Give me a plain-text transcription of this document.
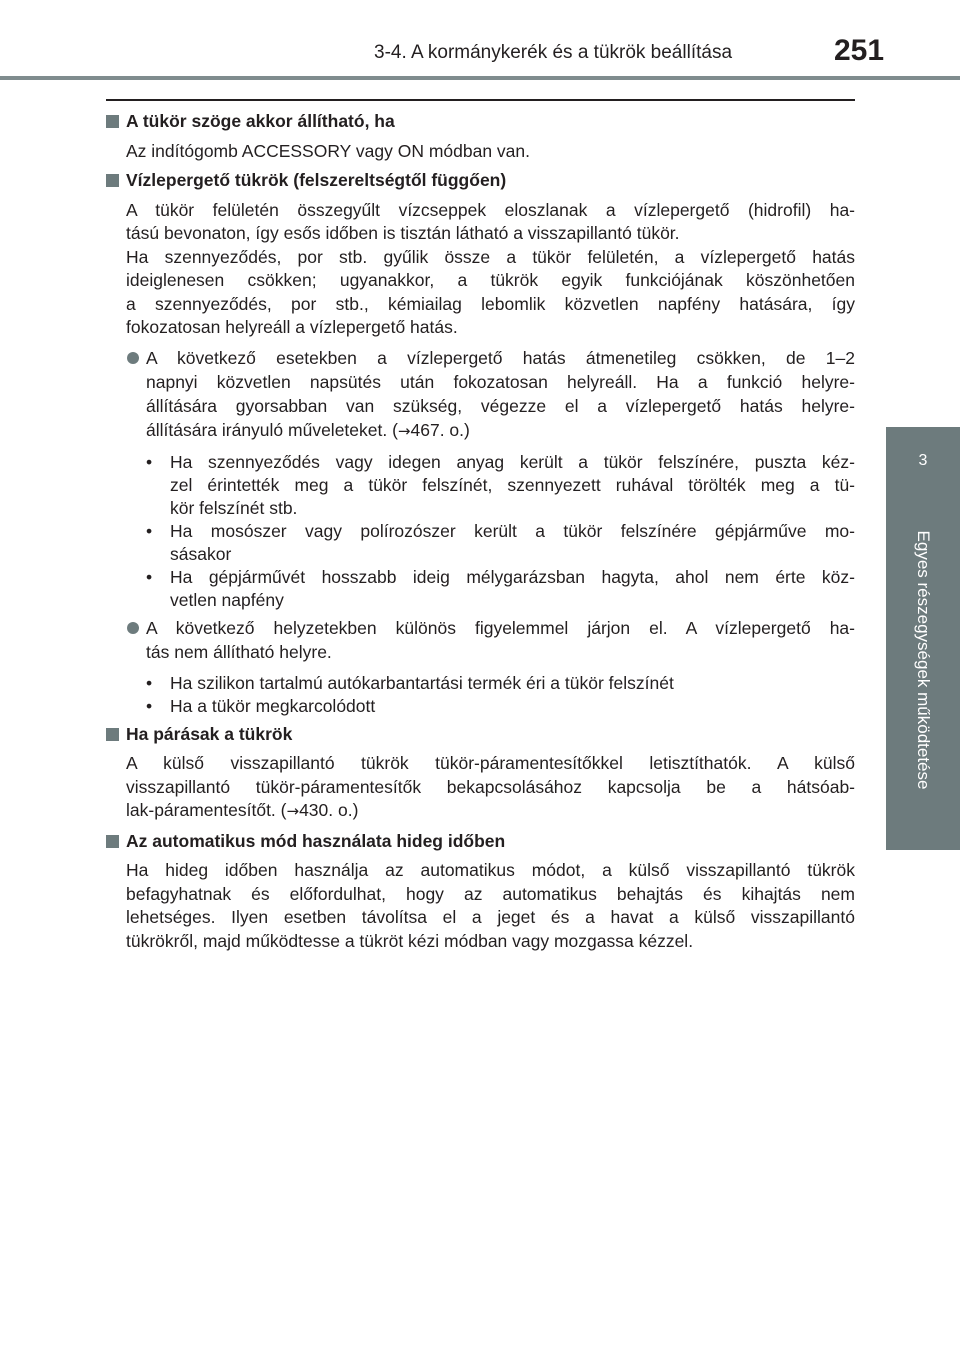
3-4. A kormánykerék és a tükrök beállítása	251
3
Egyes részegységek működtetése
A tükör szöge akkor állítható, ha
Az indítógomb ACCESSORY vagy ON módban van.
Vízlepergető tükrök (felszereltségtől függően)
A tükör felületén összegyűlt vízcseppek eloszlanak a vízlepergető (hidrofil) ha-
tású bevonaton, így esős időben is tisztán látható a visszapillantó tükör.
Ha szennyeződés, por stb. gyűlik össze a tükör felületén, a vízlepergető hatás
ideiglenesen csökken; ugyanakkor, a tükrök egyik funkciójának köszönhetően
a szennyeződés, por stb., kémiailag lebomlik közvetlen napfény hatására, így
fokozatosan helyreáll a vízlepergető hatás.
A következő esetekben a vízlepergető hatás átmenetileg csökken, de 1–2
napnyi közvetlen napsütés után fokozatosan helyreáll. Ha a funkció helyre-
állítására gyorsabban van szükség, végezze el a vízlepergető hatás helyre-
állítására irányuló műveleteket. (→467. o.)
• Ha szennyeződés vagy idegen anyag került a tükör felszínére, puszta kéz-
zel érintették meg a tükör felszínét, szennyezett ruhával törölték meg a tü-
kör felszínét stb.
• Ha mosószer vagy polírozószer került a tükör felszínére gépjárműve mo-
sásakor
• Ha gépjárművét hosszabb ideig mélygarázsban hagyta, ahol nem érte köz-
vetlen napfény
A következő helyzetekben különös figyelemmel járjon el. A vízlepergető ha-
tás nem állítható helyre.
• Ha szilikon tartalmú autókarbantartási termék éri a tükör felszínét
• Ha a tükör megkarcolódott
Ha párásak a tükrök
A külső visszapillantó tükrök tükör-páramentesítőkkel letisztíthatók. A külső
visszapillantó tükör-páramentesítők bekapcsolásához kapcsolja be a hátsóab-
lak-páramentesítőt. (→430. o.)
Az automatikus mód használata hideg időben
Ha hideg időben használja az automatikus módot, a külső visszapillantó tükrök
befagyhatnak és előfordulhat, hogy az automatikus behajtás és kihajtás nem
lehetséges. Ilyen esetben távolítsa el a jeget és a havat a külső visszapillantó
tükrökről, majd működtesse a tükröt kézi módban vagy mozgassa kézzel.
